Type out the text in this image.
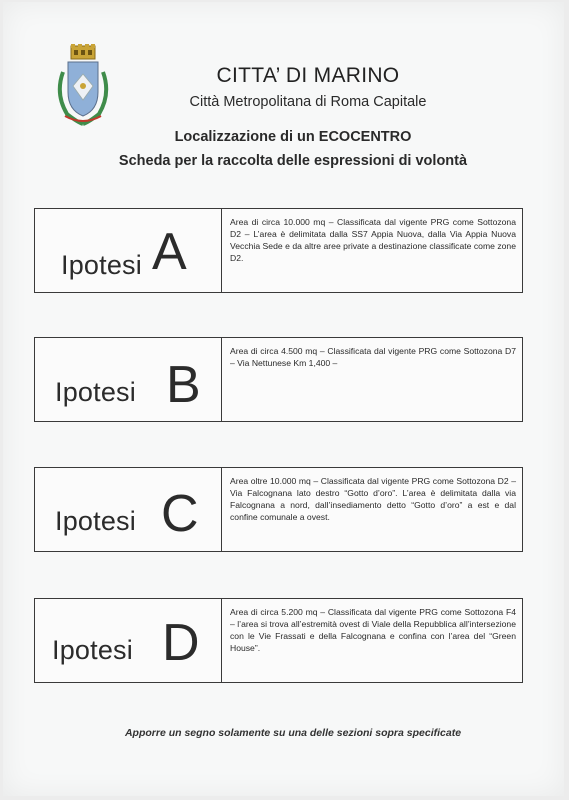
CITTA’ DI MARINO
Città Metropolitana di Roma Capitale
Localizzazione di un ECOCENTRO
Scheda per la raccolta delle espressioni di volontà
Ipotesi A
Area di circa 10.000 mq – Classificata dal vigente PRG come Sottozona D2 – L’area è delimitata dalla SS7 Appia Nuova, dalla Via Appia Nuova Vecchia Sede e da altre aree private a destinazione classificate come zone D2.
Ipotesi B
Area di circa 4.500 mq – Classificata dal vigente PRG come Sottozona D7 – Via Nettunese Km 1,400 –
Ipotesi C
Area oltre 10.000 mq – Classificata dal vigente PRG come Sottozona D2 – Via Falcognana lato destro “Gotto d’oro”. L’area è delimitata dalla via Falcognana a nord, dall’insediamento detto “Gotto d’oro” a est e dal confine comunale a ovest.
Ipotesi D
Area di circa 5.200 mq – Classificata dal vigente PRG come Sottozona F4 – l’area si trova all’estremità ovest di Viale della Repubblica all’intersezione con le Vie Frassati e della Falcognana e confina con l’area del “Green House”.
Apporre un segno solamente su una delle sezioni sopra specificate
